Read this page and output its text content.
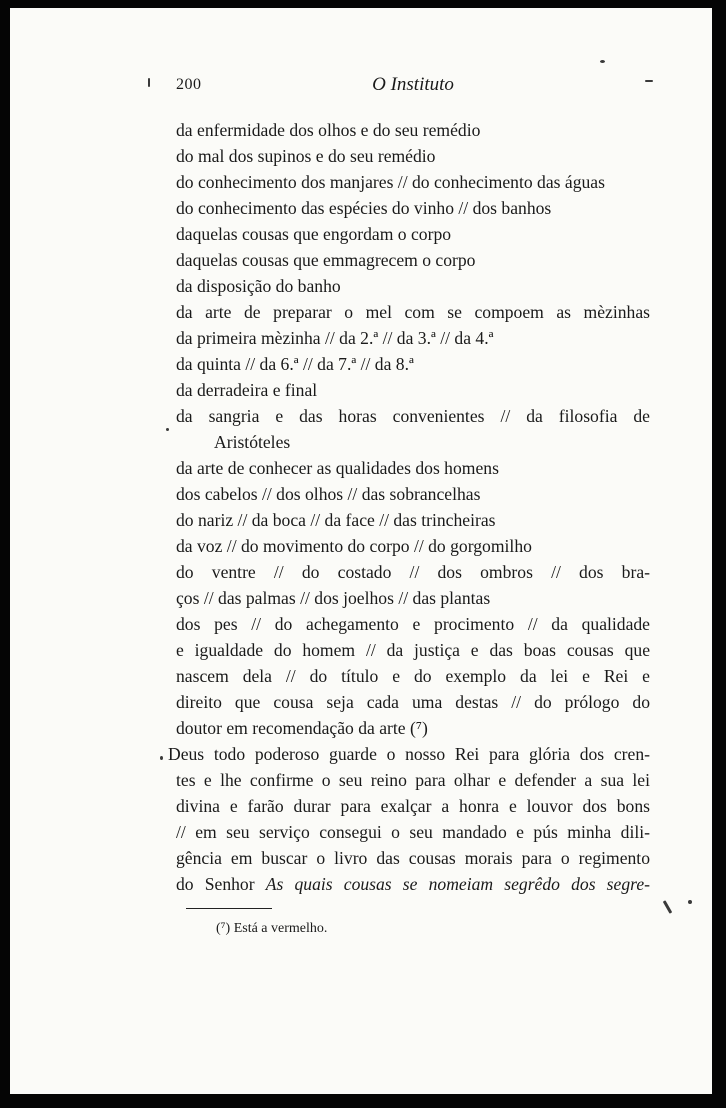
200	O Instituto
da enfermidade dos olhos e do seu remédio
do mal dos supinos e do seu remédio
do conhecimento dos manjares // do conhecimento das águas
do conhecimento das espécies do vinho // dos banhos
daquelas cousas que engordam o corpo
daquelas cousas que emmagrecem o corpo
da disposição do banho
da arte de preparar o mel com se compoem as mèzinhas
da primeira mèzinha // da 2.ª // da 3.ª // da 4.ª
da quinta // da 6.ª // da 7.ª // da 8.ª
da derradeira e final
da sangria e das horas convenientes // da filosofia de
Aristóteles
da arte de conhecer as qualidades dos homens
dos cabelos // dos olhos // das sobrancelhas
do nariz // da boca // da face // das trincheiras
da voz // do movimento do corpo // do gorgomilho
do ventre // do costado // dos ombros // dos bra-
ços // das palmas // dos joelhos // das plantas
dos pes // do achegamento e procimento // da qualidade
e igualdade do homem // da justiça e das boas cousas que
nascem dela // do título e do exemplo da lei e Rei e
direito que cousa seja cada uma destas // do prólogo do
doutor em recomendação da arte (⁷)
Deus todo poderoso guarde o nosso Rei para glória dos cren-
tes e lhe confirme o seu reino para olhar e defender a sua lei
divina e farão durar para exalçar a honra e louvor dos bons
// em seu serviço consegui o seu mandado e pús minha dili-
gência em buscar o livro das cousas morais para o regimento
do Senhor As quais cousas se nomeiam segrêdo dos segre-
(⁷) Está a vermelho.
